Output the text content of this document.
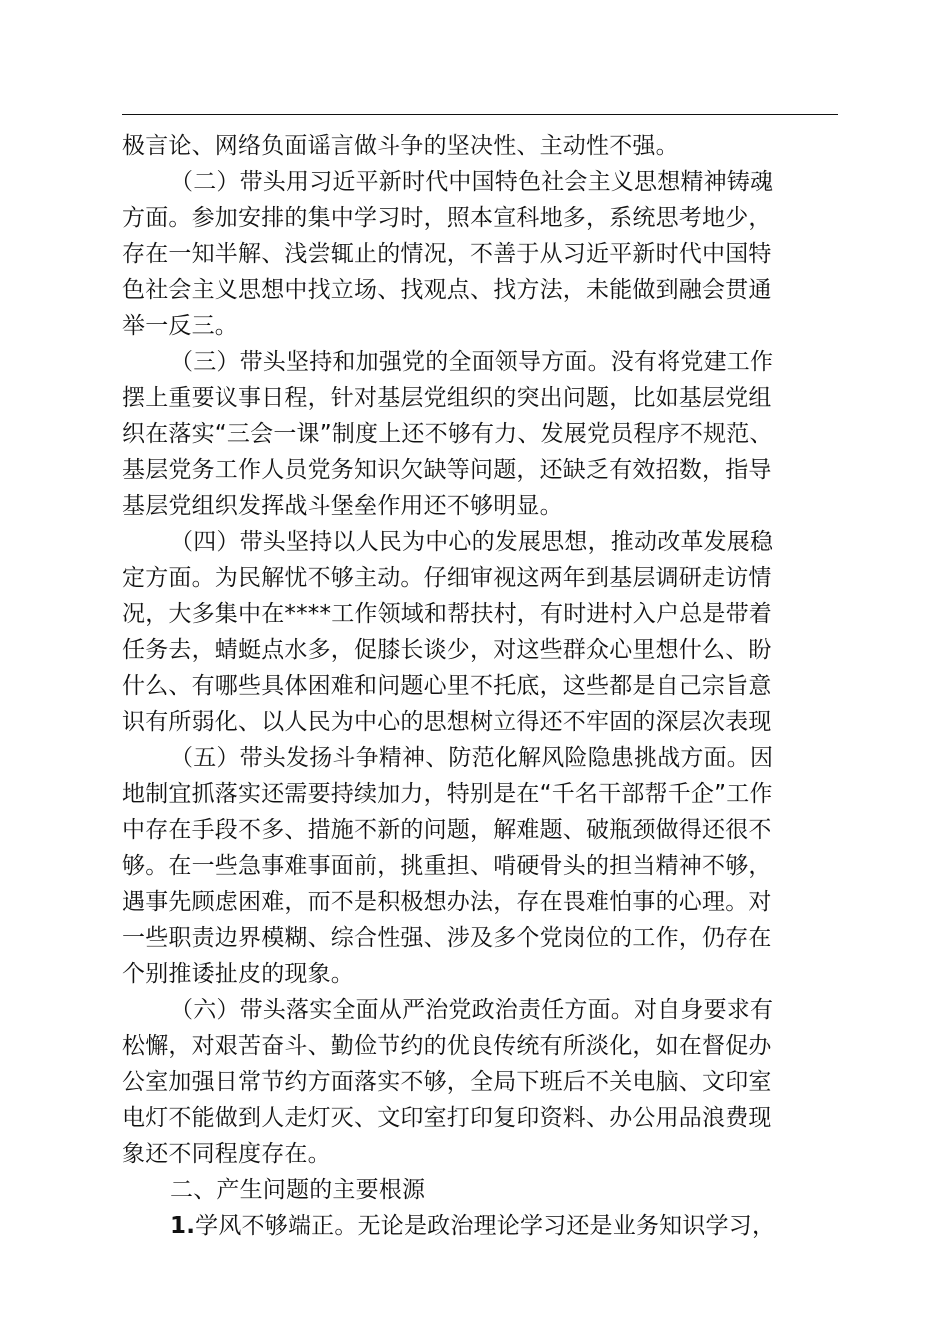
极言论、网络负面谣言做斗争的坚决性、主动性不强。
（二）带头用习近平新时代中国特色社会主义思想精神铸魂
方面。参加安排的集中学习时，照本宣科地多，系统思考地少，
存在一知半解、浅尝辄止的情况，不善于从习近平新时代中国特
色社会主义思想中找立场、找观点、找方法，未能做到融会贯通
举一反三。
（三）带头坚持和加强党的全面领导方面。没有将党建工作
摆上重要议事日程，针对基层党组织的突出问题，比如基层党组
织在落实“三会一课”制度上还不够有力、发展党员程序不规范、
基层党务工作人员党务知识欠缺等问题，还缺乏有效招数，指导
基层党组织发挥战斗堡垒作用还不够明显。
（四）带头坚持以人民为中心的发展思想，推动改革发展稳
定方面。为民解忧不够主动。仔细审视这两年到基层调研走访情
况，大多集中在****工作领域和帮扶村，有时进村入户总是带着
任务去，蜻蜓点水多，促膝长谈少，对这些群众心里想什么、盼
什么、有哪些具体困难和问题心里不托底，这些都是自己宗旨意
识有所弱化、以人民为中心的思想树立得还不牢固的深层次表现
（五）带头发扬斗争精神、防范化解风险隐患挑战方面。因
地制宜抓落实还需要持续加力，特别是在“千名干部帮千企”工作
中存在手段不多、措施不新的问题，解难题、破瓶颈做得还很不
够。在一些急事难事面前，挑重担、啃硬骨头的担当精神不够，
遇事先顾虑困难，而不是积极想办法，存在畏难怕事的心理。对
一些职责边界模糊、综合性强、涉及多个党岗位的工作，仍存在
个别推诿扯皮的现象。
（六）带头落实全面从严治党政治责任方面。对自身要求有
松懈，对艰苦奋斗、勤俭节约的优良传统有所淡化，如在督促办
公室加强日常节约方面落实不够，全局下班后不关电脑、文印室
电灯不能做到人走灯灭、文印室打印复印资料、办公用品浪费现
象还不同程度存在。
二、产生问题的主要根源
1.学风不够端正。无论是政治理论学习还是业务知识学习，
